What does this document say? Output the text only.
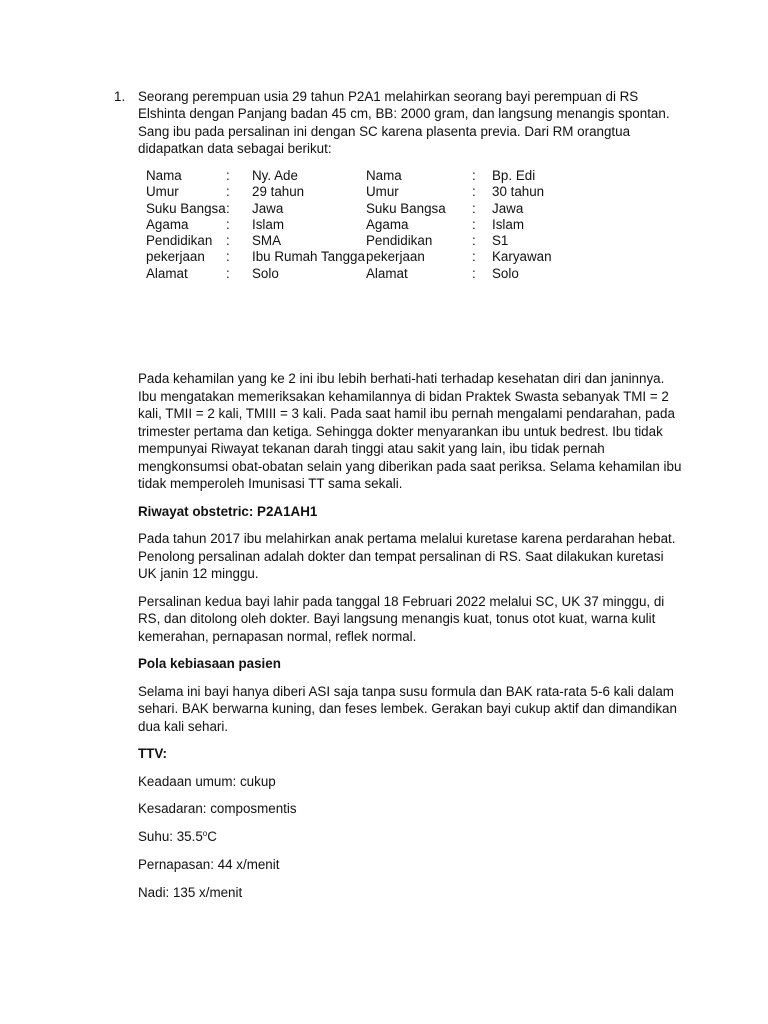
1. Seorang perempuan usia 29 tahun P2A1 melahirkan seorang bayi perempuan di RS Elshinta dengan Panjang badan 45 cm, BB: 2000 gram, dan langsung menangis spontan. Sang ibu pada persalinan ini dengan SC karena plasenta previa. Dari RM orangtua didapatkan data sebagai berikut:

Nama	:	Ny. Ade	Nama	:	Bp. Edi
Umur	:	29 tahun	Umur	:	30 tahun
Suku Bangsa	:	Jawa	Suku Bangsa	:	Jawa
Agama	:	Islam	Agama	:	Islam
Pendidikan	:	SMA	Pendidikan	:	S1
pekerjaan	:	Ibu Rumah Tangga	pekerjaan	:	Karyawan
Alamat	:	Solo	Alamat	:	Solo

Pada kehamilan yang ke 2 ini ibu lebih berhati-hati terhadap kesehatan diri dan janinnya. Ibu mengatakan memeriksakan kehamilannya di bidan Praktek Swasta sebanyak TMI = 2 kali, TMII = 2 kali, TMIII = 3 kali. Pada saat hamil ibu pernah mengalami pendarahan, pada trimester pertama dan ketiga. Sehingga dokter menyarankan ibu untuk bedrest. Ibu tidak mempunyai Riwayat tekanan darah tinggi atau sakit yang lain, ibu tidak pernah mengkonsumsi obat-obatan selain yang diberikan pada saat periksa. Selama kehamilan ibu tidak memperoleh Imunisasi TT sama sekali.

Riwayat obstetric: P2A1AH1

Pada tahun 2017 ibu melahirkan anak pertama melalui kuretase karena perdarahan hebat. Penolong persalinan adalah dokter dan tempat persalinan di RS. Saat dilakukan kuretasi UK janin 12 minggu.

Persalinan kedua bayi lahir pada tanggal 18 Februari 2022 melalui SC, UK 37 minggu, di RS, dan ditolong oleh dokter. Bayi langsung menangis kuat, tonus otot kuat, warna kulit kemerahan, pernapasan normal, reflek normal.

Pola kebiasaan pasien

Selama ini bayi hanya diberi ASI saja tanpa susu formula dan BAK rata-rata 5-6 kali dalam sehari. BAK berwarna kuning, dan feses lembek. Gerakan bayi cukup aktif dan dimandikan dua kali sehari.

TTV:

Keadaan umum: cukup

Kesadaran: composmentis

Suhu: 35.5$^o$C

Pernapasan: 44 x/menit

Nadi: 135 x/menit
